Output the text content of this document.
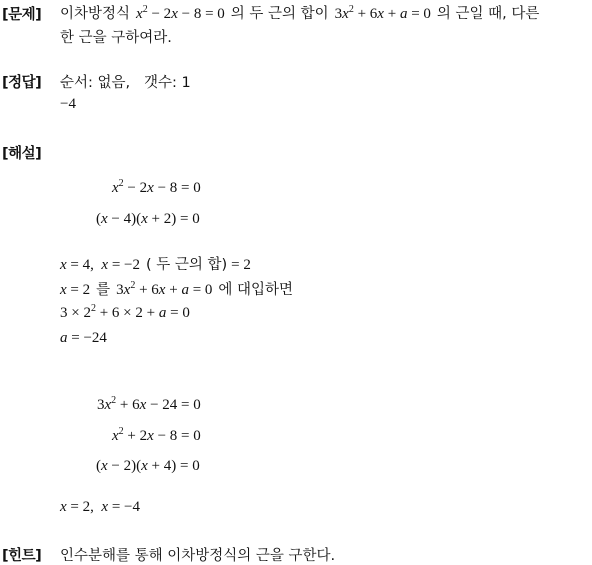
[문제] 이차방정식 $x^2 - 2x - 8 = 0$ 의 두 근의 합이 $3x^2 + 6x + a = 0$ 의 근일 때, 다른
한 근을 구하여라.
[정답] 순서: 없음,   갯수: 1
−4
[해설]
$x^2 - 2x - 8 = 0$
(x − 4)(x + 2) = 0
x = 4,  x = −2 ( 두 근의 합) = 2
x = 2 를 $3x^2 + 6x + a = 0$ 에 대입하면
$3 \times 2^2 + 6 \times 2 + a = 0$
a = −24
$3x^2 + 6x - 24 = 0$
$x^2 + 2x - 8 = 0$
(x − 2)(x + 4) = 0
x = 2,  x = −4
[힌트] 인수분해를 통해 이차방정식의 근을 구한다.
